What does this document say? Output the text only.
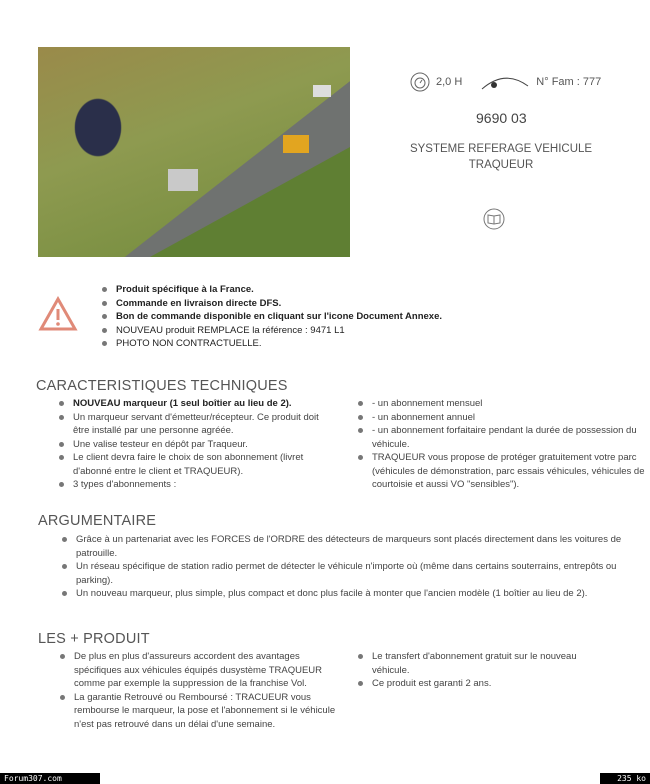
2,0 H	N° Fam : 777
9690 03
SYSTEME REFERAGE VEHICULE
TRAQUEUR
Produit spécifique à la France.
Commande en livraison directe DFS.
Bon de commande disponible en cliquant sur l'icone Document Annexe.
NOUVEAU produit REMPLACE la référence : 9471 L1
PHOTO NON CONTRACTUELLE.
CARACTERISTIQUES TECHNIQUES
NOUVEAU marqueur (1 seul boîtier au lieu de 2).
Un marqueur servant d'émetteur/récepteur. Ce produit doit être installé par une personne agréée.
Une valise testeur en dépôt par Traqueur.
Le client devra faire le choix de son abonnement (livret d'abonné entre le client et TRAQUEUR).
3 types d'abonnements :
- un abonnement mensuel
- un abonnement annuel
- un abonnement forfaitaire pendant la durée de possession du véhicule.
TRAQUEUR vous propose de protéger gratuitement votre parc (véhicules de démonstration, parc essais véhicules, véhicules de courtoisie et aussi VO "sensibles").
ARGUMENTAIRE
Grâce à un partenariat avec les FORCES de l'ORDRE des détecteurs de marqueurs sont placés directement dans les voitures de patrouille.
Un réseau spécifique de station radio permet de détecter le véhicule n'importe où (même dans certains souterrains, entrepôts ou parking).
Un nouveau marqueur, plus simple, plus compact et donc plus facile à monter que l'ancien modèle (1 boîtier au lieu de 2).
LES + PRODUIT
De plus en plus d'assureurs accordent des avantages spécifiques aux véhicules équipés dusystème TRAQUEUR comme par exemple la suppression de la franchise Vol.
La garantie Retrouvé ou Remboursé : TRACUEUR vous rembourse le marqueur, la pose et l'abonnement si le véhicule n'est pas retrouvé dans un délai d'une semaine.
Le transfert d'abonnement gratuit sur le nouveau véhicule.
Ce produit est garanti 2 ans.
Forum307.com	235 ko
